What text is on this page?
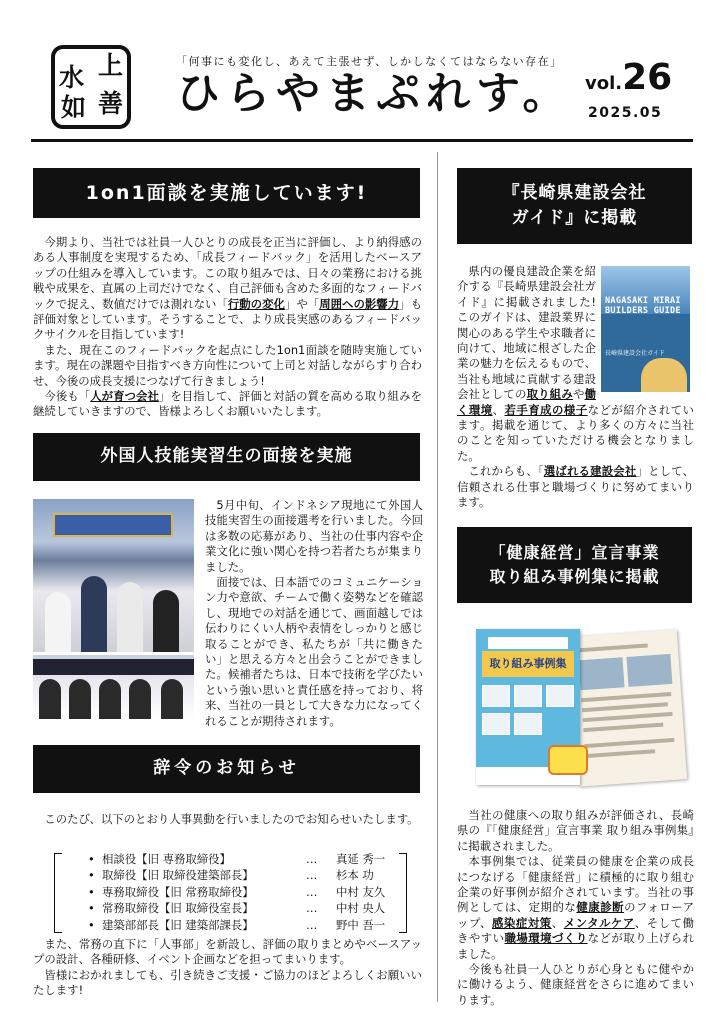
上
水
善
如
「何事にも変化し、あえて主張せず、しかしなくてはならない存在」
ひらやまぷれす。 vol.26
2025.05
1on1面談を実施しています!

今期より、当社では社員一人ひとりの成長を正当に評価し、より納得感のある人事制度を実現するため、「成長フィードバック」を活用したベースアップの仕組みを導入しています。この取り組みでは、日々の業務における挑戦や成果を、直属の上司だけでなく、自己評価も含めた多面的なフィードバックで捉え、数値だけでは測れない「行動の変化」や「周囲への影響力」も評価対象としています。そうすることで、より成長実感のあるフィードバックサイクルを目指しています!

また、現在このフィードバックを起点にした1on1面談を随時実施しています。現在の課題や目指すべき方向性について上司と対話しながらすり合わせ、今後の成長支援につなげて行きましょう!

今後も「人が育つ会社」を目指して、評価と対話の質を高める取り組みを継続していきますので、皆様よろしくお願いいたします。

外国人技能実習生の面接を実施

5月中旬、インドネシア現地にて外国人技能実習生の面接選考を行いました。今回は多数の応募があり、当社の仕事内容や企業文化に強い関心を持つ若者たちが集まりました。

面接では、日本語でのコミュニケーション力や意欲、チームで働く姿勢などを確認し、現地での対話を通じて、画面越しでは伝わりにくい人柄や表情をしっかりと感じ取ることができ、私たちが「共に働きたい」と思える方々と出会うことができました。候補者たちは、日本で技術を学びたいという強い思いと責任感を持っており、将来、当社の一員として大きな力になってくれることが期待されます。

辞令のお知らせ

このたび、以下のとおり人事異動を行いましたのでお知らせいたします。

• 相談役【旧 専務取締役】	…	真延 秀一
• 取締役【旧 取締役建築部長】	…	杉本 功
• 専務取締役【旧 常務取締役】	…	中村 友久
• 常務取締役【旧 取締役室長】	…	中村 央人
• 建築部部長【旧 建築部課長】	…	野中 吾一

また、常務の直下に「人事部」を新設し、評価の取りまとめやベースアップの設計、各種研修、イベント企画などを担ってまいります。

皆様におかれましても、引き続きご支援・ご協力のほどよろしくお願いいたします!

『長崎県建設会社
ガイド』に掲載
NAGASAKI MIRAI BUILDERS GUIDE
長崎県建設会社ガイド

県内の優良建設企業を紹介する『長崎県建設会社ガイド』に掲載されました!このガイドは、建設業界に関心のある学生や求職者に向けて、地域に根ざした企業の魅力を伝えるもので、当社も地域に貢献する建設会社としての取り組みや働く環境、若手育成の様子などが紹介されています。掲載を通じて、より多くの方々に当社のことを知っていただける機会となりました。

これからも、「選ばれる建設会社」として、信頼される仕事と職場づくりに努めてまいります。

「健康経営」宣言事業
取り組み事例集に掲載
取り組み事例集

当社の健康への取り組みが評価され、長崎県の『「健康経営」宣言事業 取り組み事例集』に掲載されました。

本事例集では、従業員の健康を企業の成長につなげる「健康経営」に積極的に取り組む企業の好事例が紹介されています。当社の事例としては、定期的な健康診断のフォローアップ、感染症対策、メンタルケア、そして働きやすい職場環境づくりなどが取り上げられました。

今後も社員一人ひとりが心身ともに健やかに働けるよう、健康経営をさらに進めてまいります。
